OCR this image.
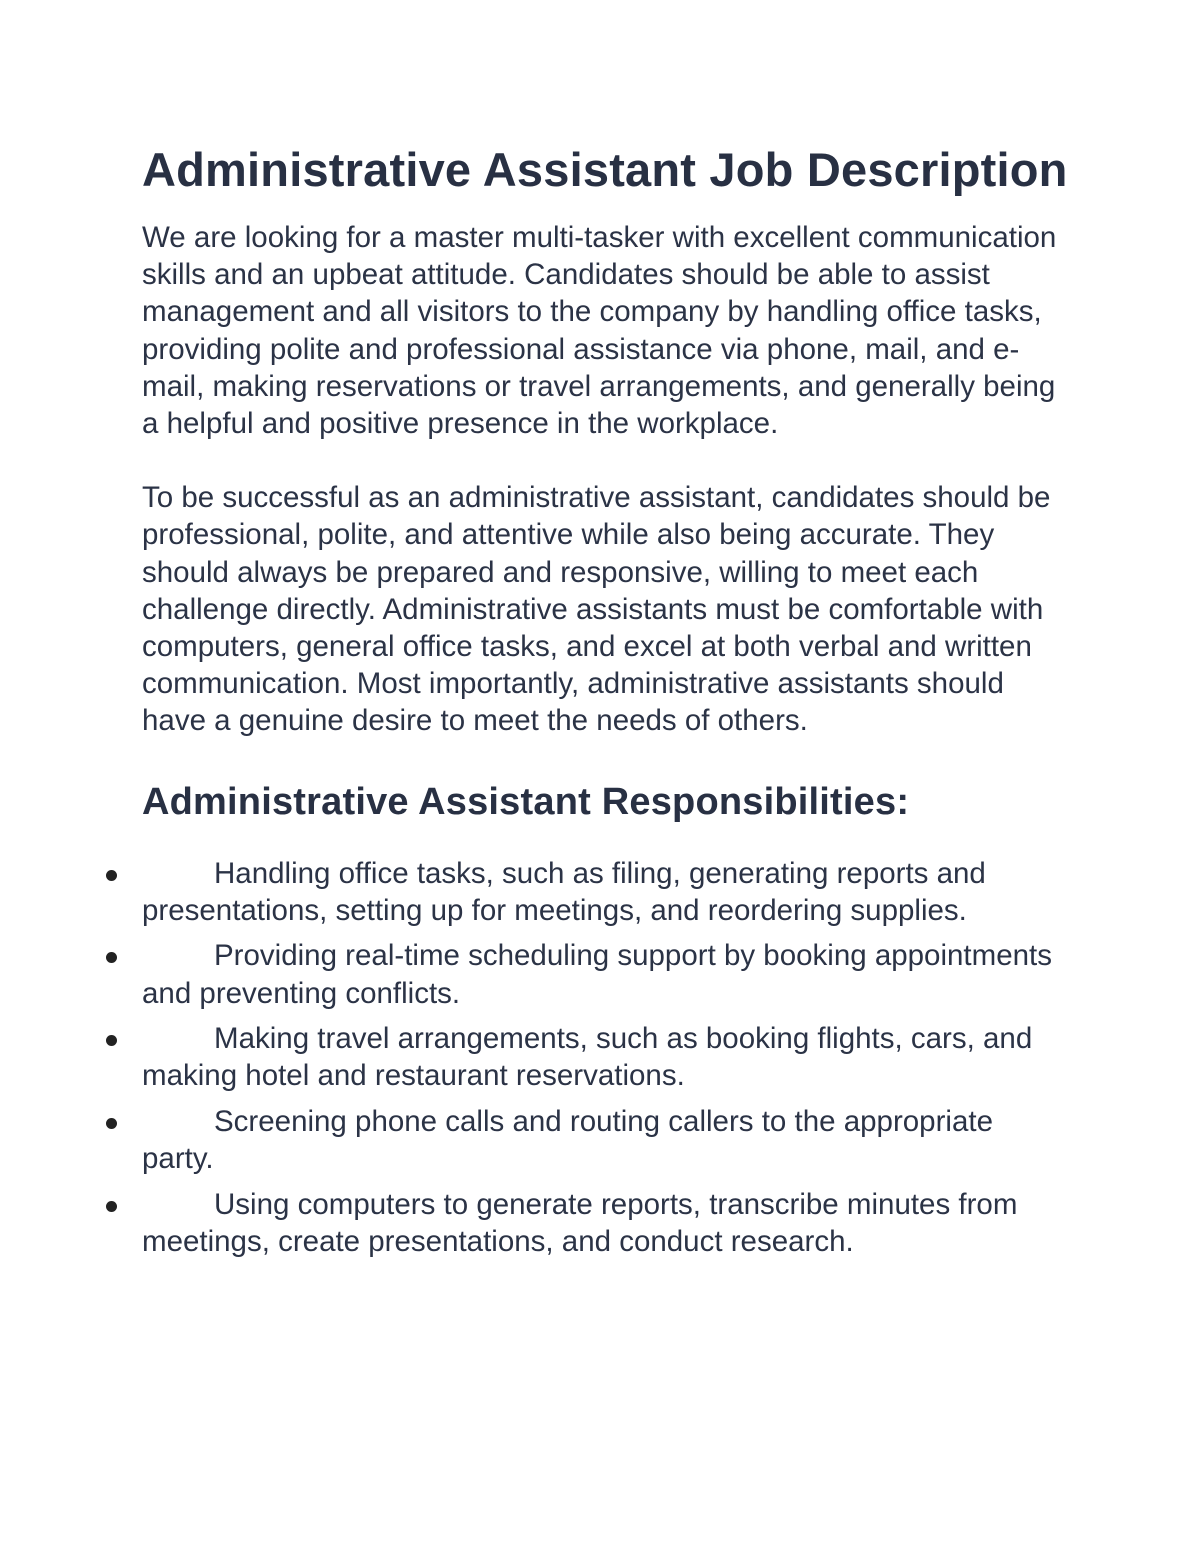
Administrative Assistant Job Description

We are looking for a master multi-tasker with excellent communication skills and an upbeat attitude. Candidates should be able to assist management and all visitors to the company by handling office tasks, providing polite and professional assistance via phone, mail, and e-mail, making reservations or travel arrangements, and generally being a helpful and positive presence in the workplace.

To be successful as an administrative assistant, candidates should be professional, polite, and attentive while also being accurate. They should always be prepared and responsive, willing to meet each challenge directly. Administrative assistants must be comfortable with computers, general office tasks, and excel at both verbal and written communication. Most importantly, administrative assistants should have a genuine desire to meet the needs of others.

Administrative Assistant Responsibilities:
Handling office tasks, such as filing, generating reports and presentations, setting up for meetings, and reordering supplies.
Providing real-time scheduling support by booking appointments and preventing conflicts.
Making travel arrangements, such as booking flights, cars, and making hotel and restaurant reservations.
Screening phone calls and routing callers to the appropriate party.
Using computers to generate reports, transcribe minutes from meetings, create presentations, and conduct research.
